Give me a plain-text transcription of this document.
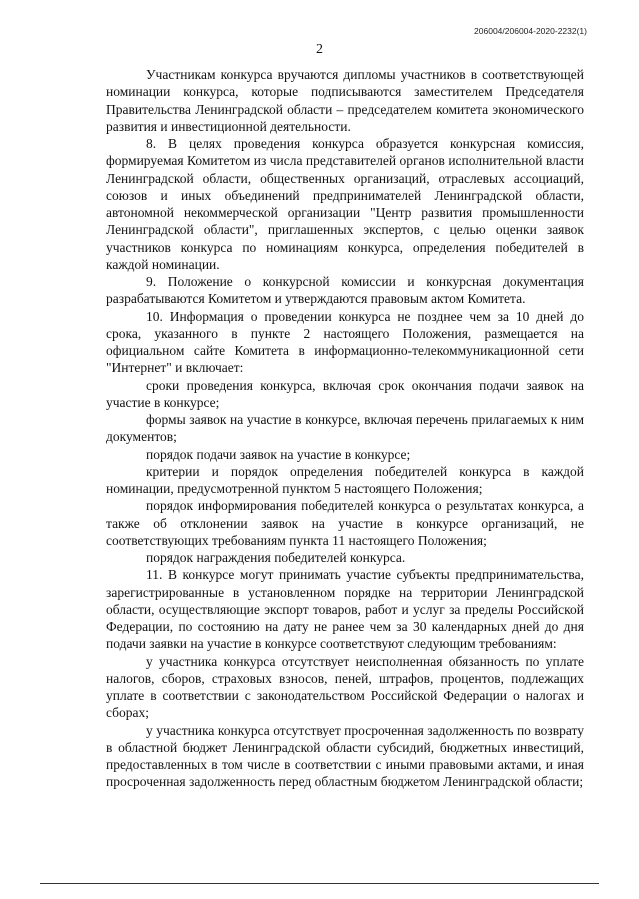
206004/206004-2020-2232(1)
2

Участникам конкурса вручаются дипломы участников в соответствующей номинации конкурса, которые подписываются заместителем Председателя Правительства Ленинградской области – председателем комитета экономического развития и инвестиционной деятельности.

8. В целях проведения конкурса образуется конкурсная комиссия, формируемая Комитетом из числа представителей органов исполнительной власти Ленинградской области, общественных организаций, отраслевых ассоциаций, союзов и иных объединений предпринимателей Ленинградской области, автономной некоммерческой организации "Центр развития промышленности Ленинградской области", приглашенных экспертов, с целью оценки заявок участников конкурса по номинациям конкурса, определения победителей в каждой номинации.

9. Положение о конкурсной комиссии и конкурсная документация разрабатываются Комитетом и утверждаются правовым актом Комитета.

10. Информация о проведении конкурса не позднее чем за 10 дней до срока, указанного в пункте 2 настоящего Положения, размещается на официальном сайте Комитета в информационно-телекоммуникационной сети "Интернет" и включает:

сроки проведения конкурса, включая срок окончания подачи заявок на участие в конкурсе;

формы заявок на участие в конкурсе, включая перечень прилагаемых к ним документов;

порядок подачи заявок на участие в конкурсе;

критерии и порядок определения победителей конкурса в каждой номинации, предусмотренной пунктом 5 настоящего Положения;

порядок информирования победителей конкурса о результатах конкурса, а также об отклонении заявок на участие в конкурсе организаций, не соответствующих требованиям пункта 11 настоящего Положения;

порядок награждения победителей конкурса.

11. В конкурсе могут принимать участие субъекты предпринимательства, зарегистрированные в установленном порядке на территории Ленинградской области, осуществляющие экспорт товаров, работ и услуг за пределы Российской Федерации, по состоянию на дату не ранее чем за 30 календарных дней до дня подачи заявки на участие в конкурсе соответствуют следующим требованиям:

у участника конкурса отсутствует неисполненная обязанность по уплате налогов, сборов, страховых взносов, пеней, штрафов, процентов, подлежащих уплате в соответствии с законодательством Российской Федерации о налогах и сборах;

у участника конкурса отсутствует просроченная задолженность по возврату в областной бюджет Ленинградской области субсидий, бюджетных инвестиций, предоставленных в том числе в соответствии с иными правовыми актами, и иная просроченная задолженность перед областным бюджетом Ленинградской области;
